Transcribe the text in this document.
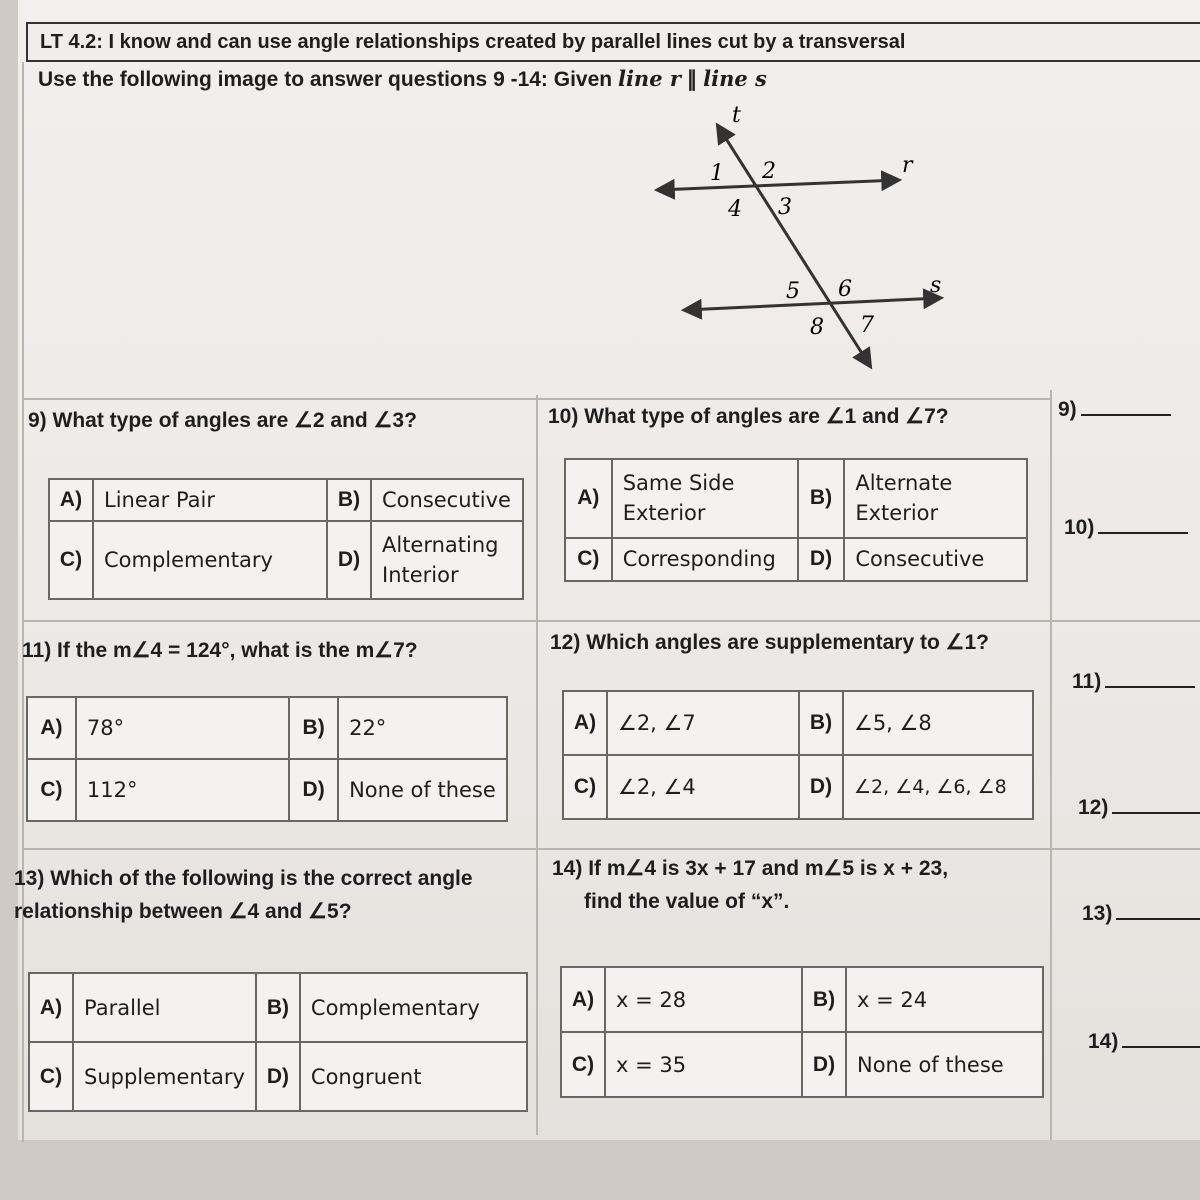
LT 4.2: I know and can use angle relationships created by parallel lines cut by a transversal
Use the following image to answer questions 9 -14: Given line r ∥ line s
t
r
s
1 2
3
4
5 6
8 7
9) What type of angles are ∠2 and ∠3?
A)	Linear Pair	B)	Consecutive
C)	Complementary	D)	Alternating Interior
10) What type of angles are ∠1 and ∠7?
A)	Same Side Exterior	B)	Alternate Exterior
C)	Corresponding	D)	Consecutive
11) If the m∠4 = 124°, what is the m∠7?
A)	78°	B)	22°
C)	112°	D)	None of these
12) Which angles are supplementary to ∠1?
A)	∠2, ∠7	B)	∠5, ∠8
C)	∠2, ∠4	D)	∠2, ∠4, ∠6, ∠8
13) Which of the following is the correct angle
relationship between ∠4 and ∠5?
A)	Parallel	B)	Complementary
C)	Supplementary	D)	Congruent
14) If m∠4 is 3x + 17 and m∠5 is x + 23,
find the value of “x”.
A)	x = 28	B)	x = 24
C)	x = 35	D)	None of these
9)
10)
11)
12)
13)
14)
